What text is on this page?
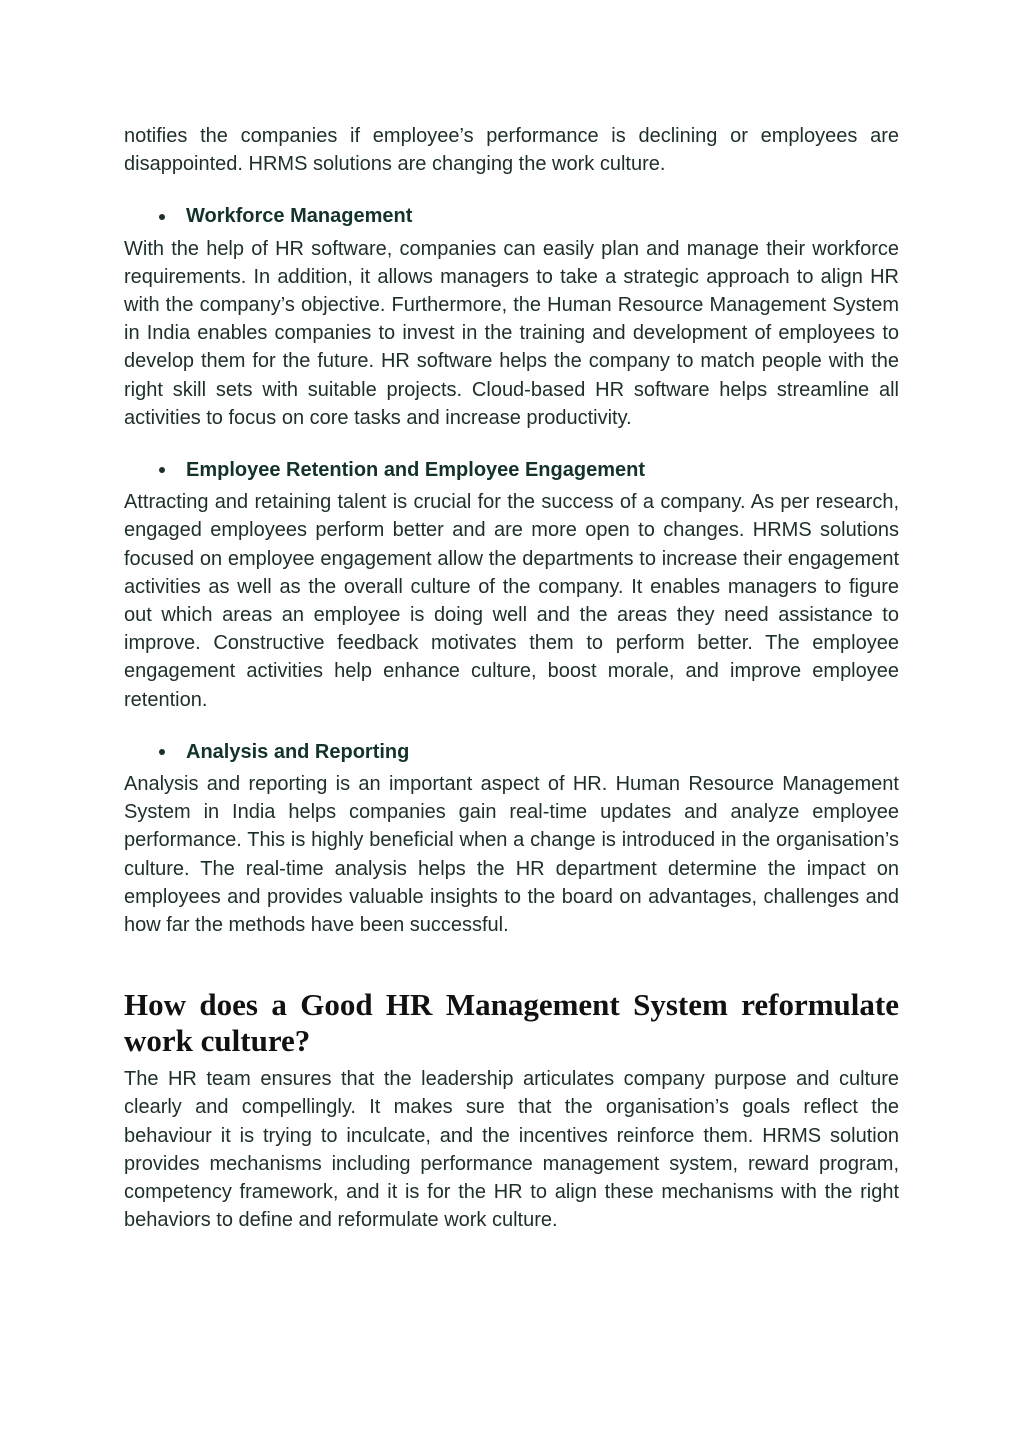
notifies the companies if employee’s performance is declining or employees are disappointed. HRMS solutions are changing the work culture.

Workforce Management

With the help of HR software, companies can easily plan and manage their workforce requirements. In addition, it allows managers to take a strategic approach to align HR with the company’s objective. Furthermore, the Human Resource Management System in India enables companies to invest in the training and development of employees to develop them for the future. HR software helps the company to match people with the right skill sets with suitable projects. Cloud-based HR software helps streamline all activities to focus on core tasks and increase productivity.

Employee Retention and Employee Engagement

Attracting and retaining talent is crucial for the success of a company. As per research, engaged employees perform better and are more open to changes. HRMS solutions focused on employee engagement allow the departments to increase their engagement activities as well as the overall culture of the company. It enables managers to figure out which areas an employee is doing well and the areas they need assistance to improve. Constructive feedback motivates them to perform better. The employee engagement activities help enhance culture, boost morale, and improve employee retention.

Analysis and Reporting

Analysis and reporting is an important aspect of HR. Human Resource Management System in India helps companies gain real-time updates and analyze employee performance. This is highly beneficial when a change is introduced in the organisation’s culture. The real-time analysis helps the HR department determine the impact on employees and provides valuable insights to the board on advantages, challenges and how far the methods have been successful.

How does a Good HR Management System reformulate work culture?

The HR team ensures that the leadership articulates company purpose and culture clearly and compellingly. It makes sure that the organisation’s goals reflect the behaviour it is trying to inculcate, and the incentives reinforce them. HRMS solution provides mechanisms including performance management system, reward program, competency framework, and it is for the HR to align these mechanisms with the right behaviors to define and reformulate work culture.
